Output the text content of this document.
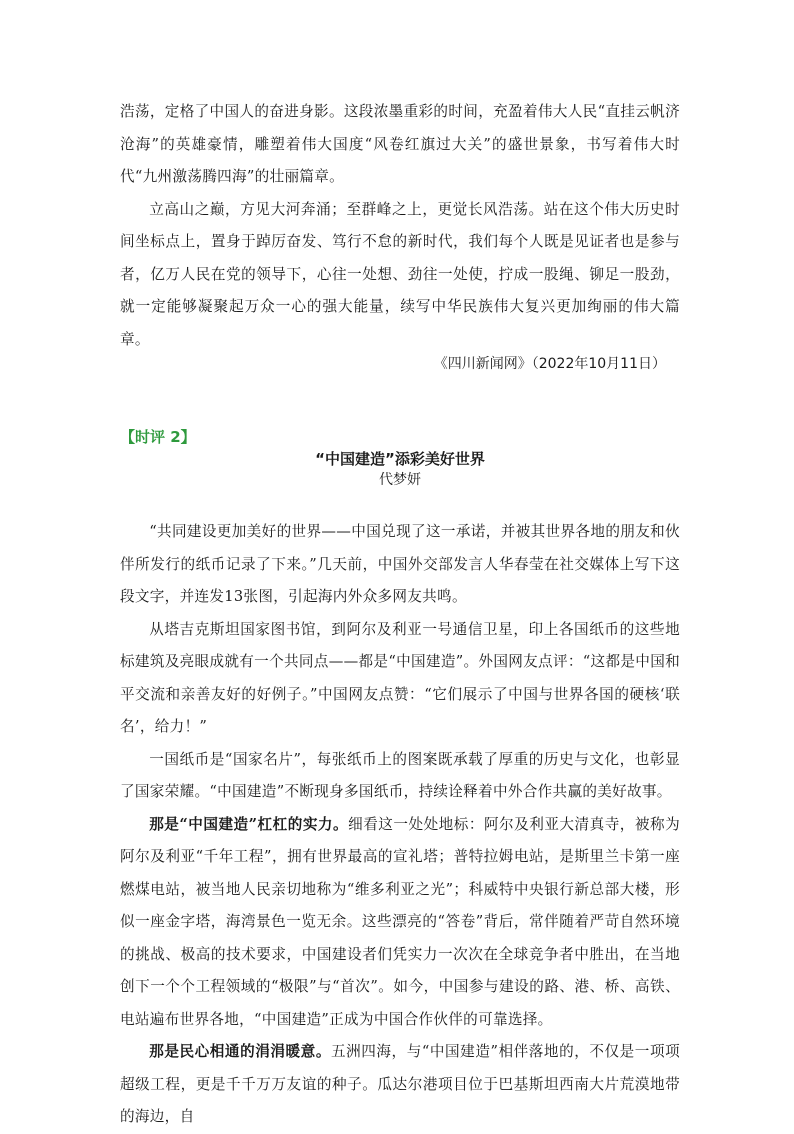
浩荡，定格了中国人的奋进身影。这段浓墨重彩的时间，充盈着伟大人民“直挂云帆济沧海”的英雄豪情，雕塑着伟大国度“风卷红旗过大关”的盛世景象，书写着伟大时代“九州激荡腾四海”的壮丽篇章。

立高山之巅，方见大河奔涌；至群峰之上，更觉长风浩荡。站在这个伟大历史时间坐标点上，置身于踔厉奋发、笃行不怠的新时代，我们每个人既是见证者也是参与者，亿万人民在党的领导下，心往一处想、劲往一处使，拧成一股绳、铆足一股劲，就一定能够凝聚起万众一心的强大能量，续写中华民族伟大复兴更加绚丽的伟大篇章。

《四川新闻网》（2022年10月11日）

【时评 2】

“中国建造”添彩美好世界

代梦妍

“共同建设更加美好的世界——中国兑现了这一承诺，并被其世界各地的朋友和伙伴所发行的纸币记录了下来。”几天前，中国外交部发言人华春莹在社交媒体上写下这段文字，并连发13张图，引起海内外众多网友共鸣。

从塔吉克斯坦国家图书馆，到阿尔及利亚一号通信卫星，印上各国纸币的这些地标建筑及亮眼成就有一个共同点——都是“中国建造”。外国网友点评：“这都是中国和平交流和亲善友好的好例子。”中国网友点赞：“它们展示了中国与世界各国的硬核‘联名’，给力！”

一国纸币是“国家名片”，每张纸币上的图案既承载了厚重的历史与文化，也彰显了国家荣耀。“中国建造”不断现身多国纸币，持续诠释着中外合作共赢的美好故事。

那是“中国建造”杠杠的实力。细看这一处处地标：阿尔及利亚大清真寺，被称为阿尔及利亚“千年工程”，拥有世界最高的宣礼塔；普特拉姆电站，是斯里兰卡第一座燃煤电站，被当地人民亲切地称为“维多利亚之光”；科威特中央银行新总部大楼，形似一座金字塔，海湾景色一览无余。这些漂亮的“答卷”背后，常伴随着严苛自然环境的挑战、极高的技术要求，中国建设者们凭实力一次次在全球竞争者中胜出，在当地创下一个个工程领域的“极限”与“首次”。如今，中国参与建设的路、港、桥、高铁、电站遍布世界各地，“中国建造”正成为中国合作伙伴的可靠选择。

那是民心相通的涓涓暖意。五洲四海，与“中国建造”相伴落地的，不仅是一项项超级工程，更是千千万万友谊的种子。瓜达尔港项目位于巴基斯坦西南大片荒漠地带的海边，自
